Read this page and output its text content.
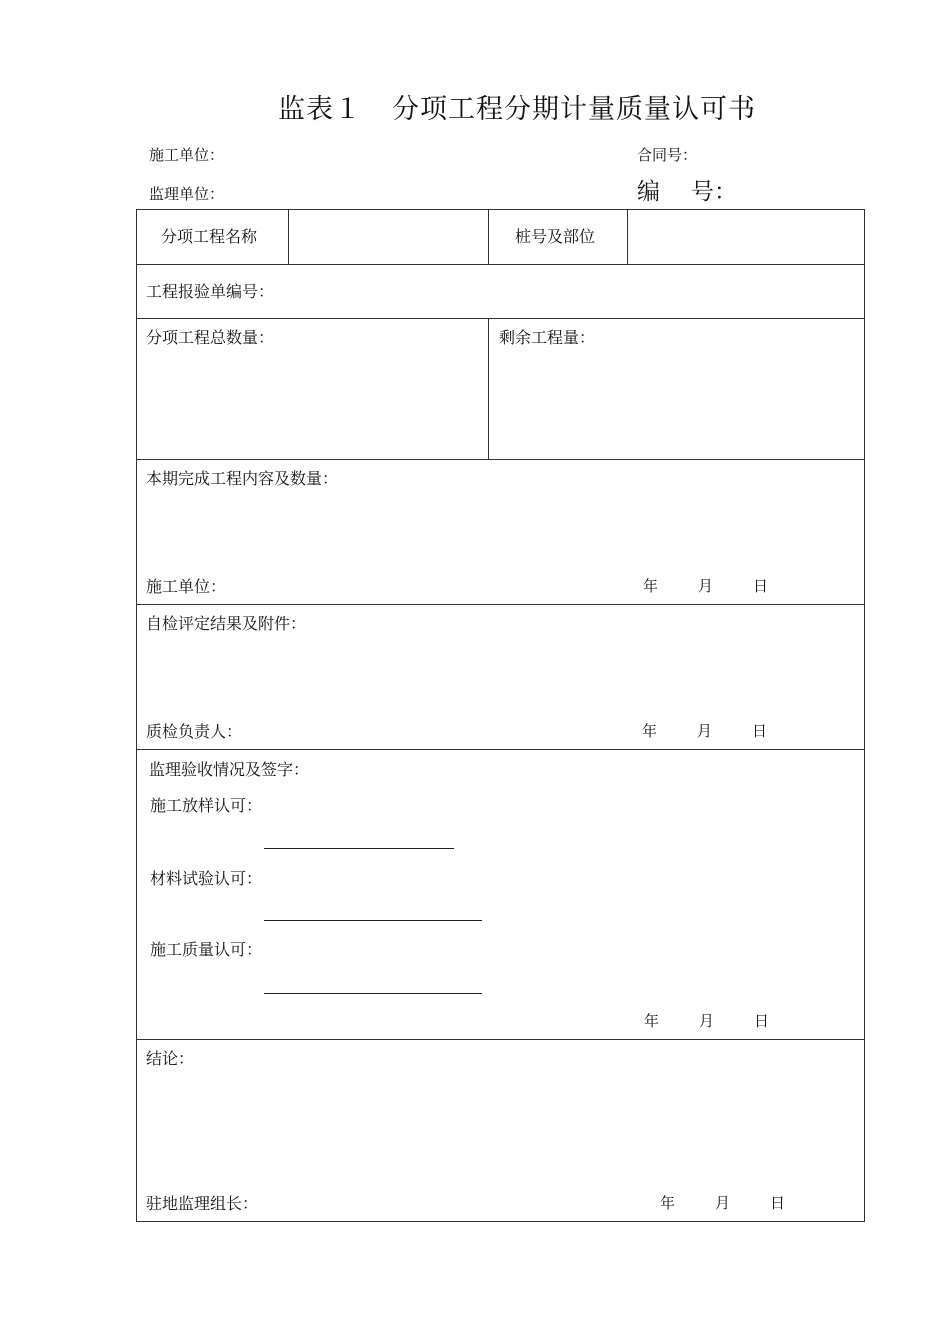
监表１ 分项工程分期计量质量认可书
施工单位：	合同号：
监理单位：	编 号：
分项工程名称	桩号及部位
工程报验单编号：
分项工程总数量：	剩余工程量：
本期完成工程内容及数量：
施工单位：	年	月	日
自检评定结果及附件：
质检负责人：	年	月	日
监理验收情况及签字：
施工放样认可：
材料试验认可：
施工质量认可：
年	月	日
结论：
驻地监理组长：	年	月	日
